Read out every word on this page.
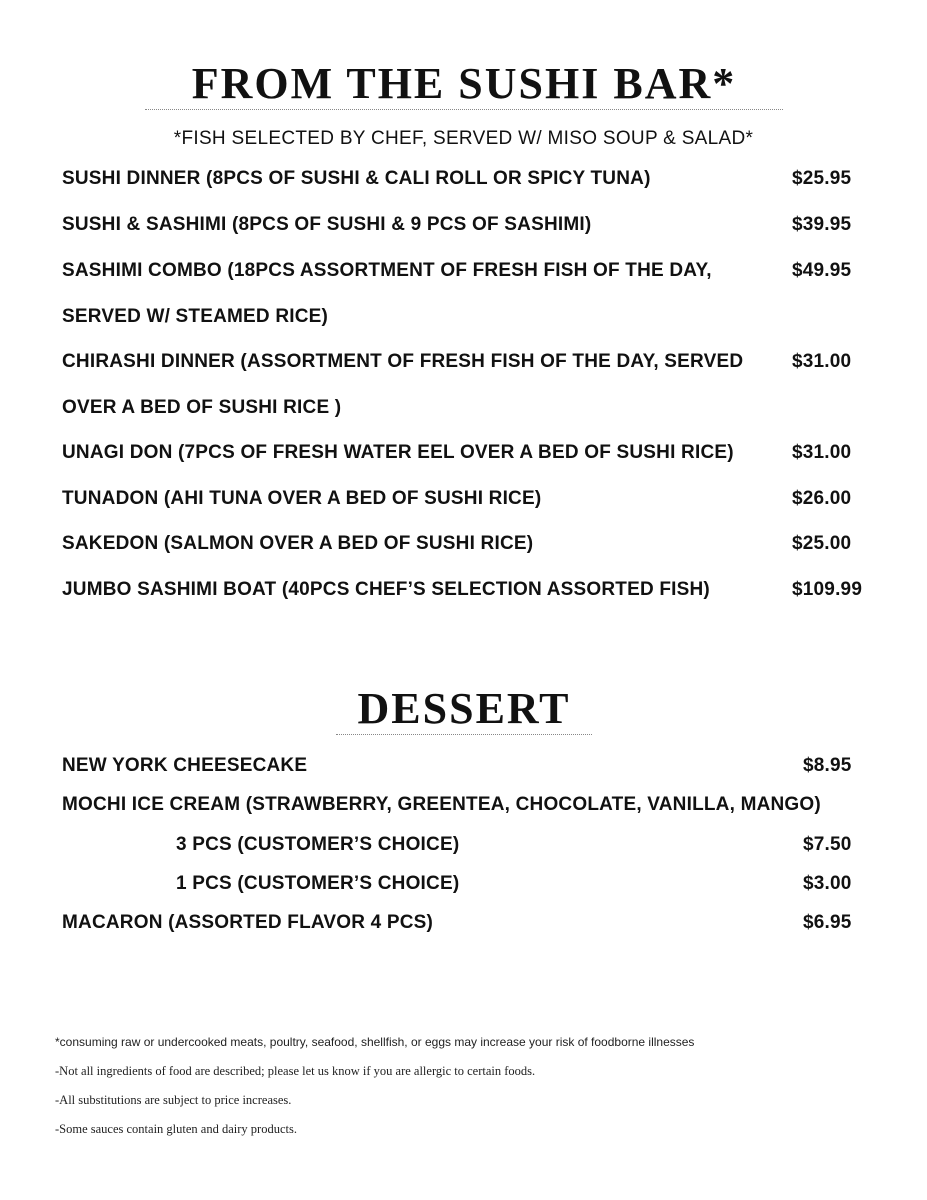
FROM THE SUSHI BAR*
*FISH SELECTED BY CHEF, SERVED W/ MISO SOUP & SALAD*
SUSHI DINNER (8PCS OF SUSHI & CALI ROLL OR SPICY TUNA)	$25.95
SUSHI & SASHIMI (8PCS OF SUSHI & 9 PCS OF SASHIMI)	$39.95
SASHIMI COMBO (18PCS ASSORTMENT OF FRESH FISH OF THE DAY,	$49.95
SERVED W/ STEAMED RICE)
CHIRASHI DINNER (ASSORTMENT OF FRESH FISH OF THE DAY, SERVED	$31.00
OVER A BED OF SUSHI RICE )
UNAGI DON (7PCS OF FRESH WATER EEL OVER A BED OF SUSHI RICE)	$31.00
TUNADON (AHI TUNA OVER A BED OF SUSHI RICE)	$26.00
SAKEDON (SALMON OVER A BED OF SUSHI RICE)	$25.00
JUMBO SASHIMI BOAT (40PCS CHEF’S SELECTION ASSORTED FISH)	$109.99
DESSERT
NEW YORK CHEESECAKE	$8.95
MOCHI ICE CREAM (STRAWBERRY, GREENTEA, CHOCOLATE, VANILLA, MANGO)
3 PCS (CUSTOMER’S CHOICE)	$7.50
1 PCS (CUSTOMER’S CHOICE)	$3.00
MACARON (ASSORTED FLAVOR 4 PCS)	$6.95
*consuming raw or undercooked meats, poultry, seafood, shellfish, or eggs may increase your risk of foodborne illnesses
-Not all ingredients of food are described; please let us know if you are allergic to certain foods.
-All substitutions are subject to price increases.
-Some sauces contain gluten and dairy products.
